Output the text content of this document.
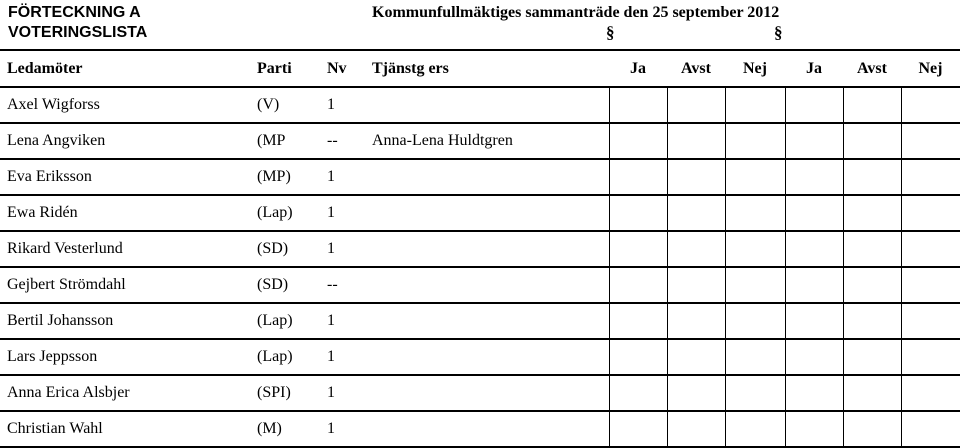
FÖRTECKNING A
VOTERINGSLISTA
Kommunfullmäktiges sammanträde den 25 september 2012
§	§
Ledamöter	Parti	Nv	Tjänstg ers	Ja	Avst	Nej	Ja	Avst	Nej
Axel Wigforss	(V)	1							
Lena Angviken	(MP	--	Anna-Lena Huldtgren						
Eva Eriksson	(MP)	1							
Ewa Ridén	(Lap)	1							
Rikard Vesterlund	(SD)	1							
Gejbert Strömdahl	(SD)	--							
Bertil Johansson	(Lap)	1							
Lars Jeppsson	(Lap)	1							
Anna Erica Alsbjer	(SPI)	1							
Christian Wahl	(M)	1							
